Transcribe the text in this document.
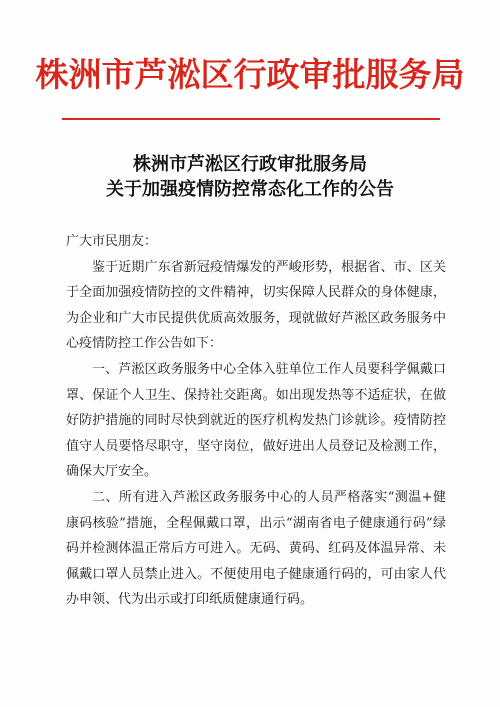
株洲市芦淞区行政审批服务局
株洲市芦淞区行政审批服务局
关于加强疫情防控常态化工作的公告

广大市民朋友：

鉴于近期广东省新冠疫情爆发的严峻形势，根据省、市、区关于全面加强疫情防控的文件精神，切实保障人民群众的身体健康，为企业和广大市民提供优质高效服务，现就做好芦淞区政务服务中心疫情防控工作公告如下：

一、芦淞区政务服务中心全体入驻单位工作人员要科学佩戴口罩、保证个人卫生、保持社交距离。如出现发热等不适症状，在做好防护措施的同时尽快到就近的医疗机构发热门诊就诊。疫情防控值守人员要恪尽职守，坚守岗位，做好进出人员登记及检测工作，确保大厅安全。

二、所有进入芦淞区政务服务中心的人员严格落实“测温+健康码核验”措施，全程佩戴口罩，出示“湖南省电子健康通行码”绿码并检测体温正常后方可进入。无码、黄码、红码及体温异常、未佩戴口罩人员禁止进入。不便使用电子健康通行码的，可由家人代办申领、代为出示或打印纸质健康通行码。
